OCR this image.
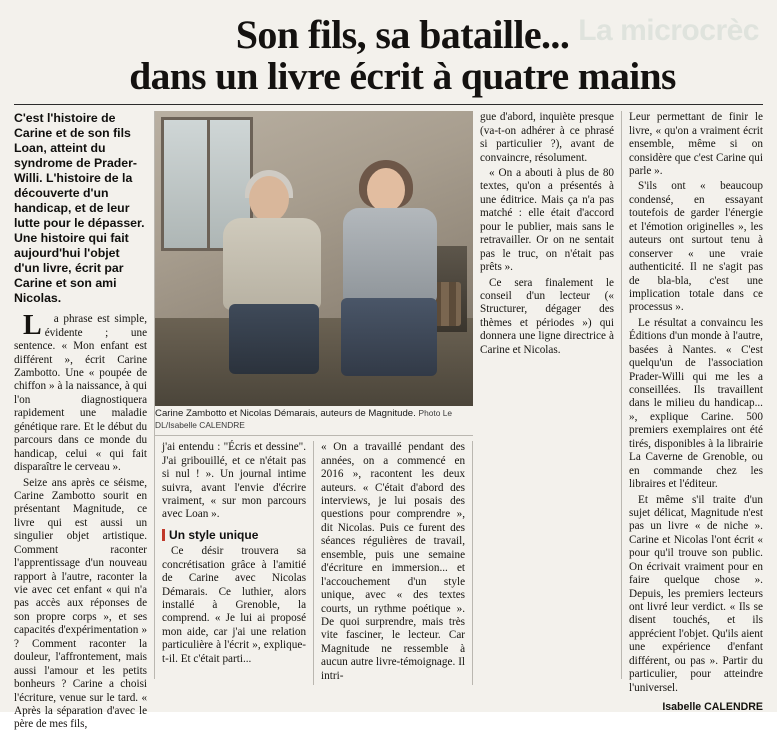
La microcrèc
Son fils, sa bataille...
dans un livre écrit à quatre mains
C'est l'histoire de Carine et de son fils Loan, atteint du syndrome de Prader-Willi. L'histoire de la découverte d'un handicap, et de leur lutte pour le dépasser. Une histoire qui fait aujourd'hui l'objet d'un livre, écrit par Carine et son ami Nicolas.

L a phrase est simple, évidente ; une sentence. « Mon enfant est différent », écrit Carine Zambotto. Une « poupée de chiffon » à la naissance, à qui l'on diagnostiquera rapidement une maladie génétique rare. Et le début du parcours dans ce monde du handicap, celui « qui fait disparaître le cerveau ».

Seize ans après ce séisme, Carine Zambotto sourit en présentant Magnitude, ce livre qui est aussi un singulier objet artistique. Comment raconter l'apprentissage d'un nouveau rapport à l'autre, raconter la vie avec cet enfant « qui n'a pas accès aux réponses de son propre corps », et ses capacités d'expérimentation » ? Comment raconter la douleur, l'affrontement, mais aussi l'amour et les petits bonheurs ? Carine a choisi l'écriture, venue sur le tard. « Après la séparation d'avec le père de mes fils,

Carine Zambotto et Nicolas Démarais, auteurs de Magnitude. Photo Le DL/Isabelle CALENDRE

j'ai entendu : "Écris et dessine". J'ai gribouillé, et ce n'était pas si nul ! ». Un journal intime suivra, avant l'envie d'écrire vraiment, « sur mon parcours avec Loan ».

Un style unique

Ce désir trouvera sa concrétisation grâce à l'amitié de Carine avec Nicolas Démarais. Ce luthier, alors installé à Grenoble, la comprend. « Je lui ai proposé mon aide, car j'ai une relation particulière à l'écrit », explique-t-il. Et c'était parti...

« On a travaillé pendant des années, on a commencé en 2016 », racontent les deux auteurs. « C'était d'abord des interviews, je lui posais des questions pour comprendre », dit Nicolas. Puis ce furent des séances régulières de travail, ensemble, puis une semaine d'écriture en immersion... et l'accouchement d'un style unique, avec « des textes courts, un rythme poétique ». De quoi surprendre, mais très vite fasciner, le lecteur. Car Magnitude ne ressemble à aucun autre livre-témoignage. Il intri-

gue d'abord, inquiète presque (va-t-on adhérer à ce phrasé si particulier ?), avant de convaincre, résolument.

« On a abouti à plus de 80 textes, qu'on a présentés à une éditrice. Mais ça n'a pas matché : elle était d'accord pour le publier, mais sans le retravailler. Or on ne sentait pas le truc, on n'était pas prêts ».

Ce sera finalement le conseil d'un lecteur (« Structurer, dégager des thèmes et périodes ») qui donnera une ligne directrice à Carine et Nicolas.

Leur permettant de finir le livre, « qu'on a vraiment écrit ensemble, même si on considère que c'est Carine qui parle ».

S'ils ont « beaucoup condensé, en essayant toutefois de garder l'énergie et l'émotion originelles », les auteurs ont surtout tenu à conserver « une vraie authenticité. Il ne s'agit pas de bla-bla, c'est une implication totale dans ce processus ».

Le résultat a convaincu les Éditions d'un monde à l'autre, basées à Nantes. « C'est quelqu'un de l'association Prader-Willi qui me les a conseillées. Ils travaillent dans le milieu du handicap... », explique Carine. 500 premiers exemplaires ont été tirés, disponibles à la librairie La Caverne de Grenoble, ou en commande chez les libraires et l'éditeur.

Et même s'il traite d'un sujet délicat, Magnitude n'est pas un livre « de niche ». Carine et Nicolas l'ont écrit « pour qu'il trouve son public. On écrivait vraiment pour en faire quelque chose ». Depuis, les premiers lecteurs ont livré leur verdict. « Ils se disent touchés, et ils apprécient l'objet. Qu'ils aient une expérience d'enfant différent, ou pas ». Partir du particulier, pour atteindre l'universel.

Isabelle CALENDRE
